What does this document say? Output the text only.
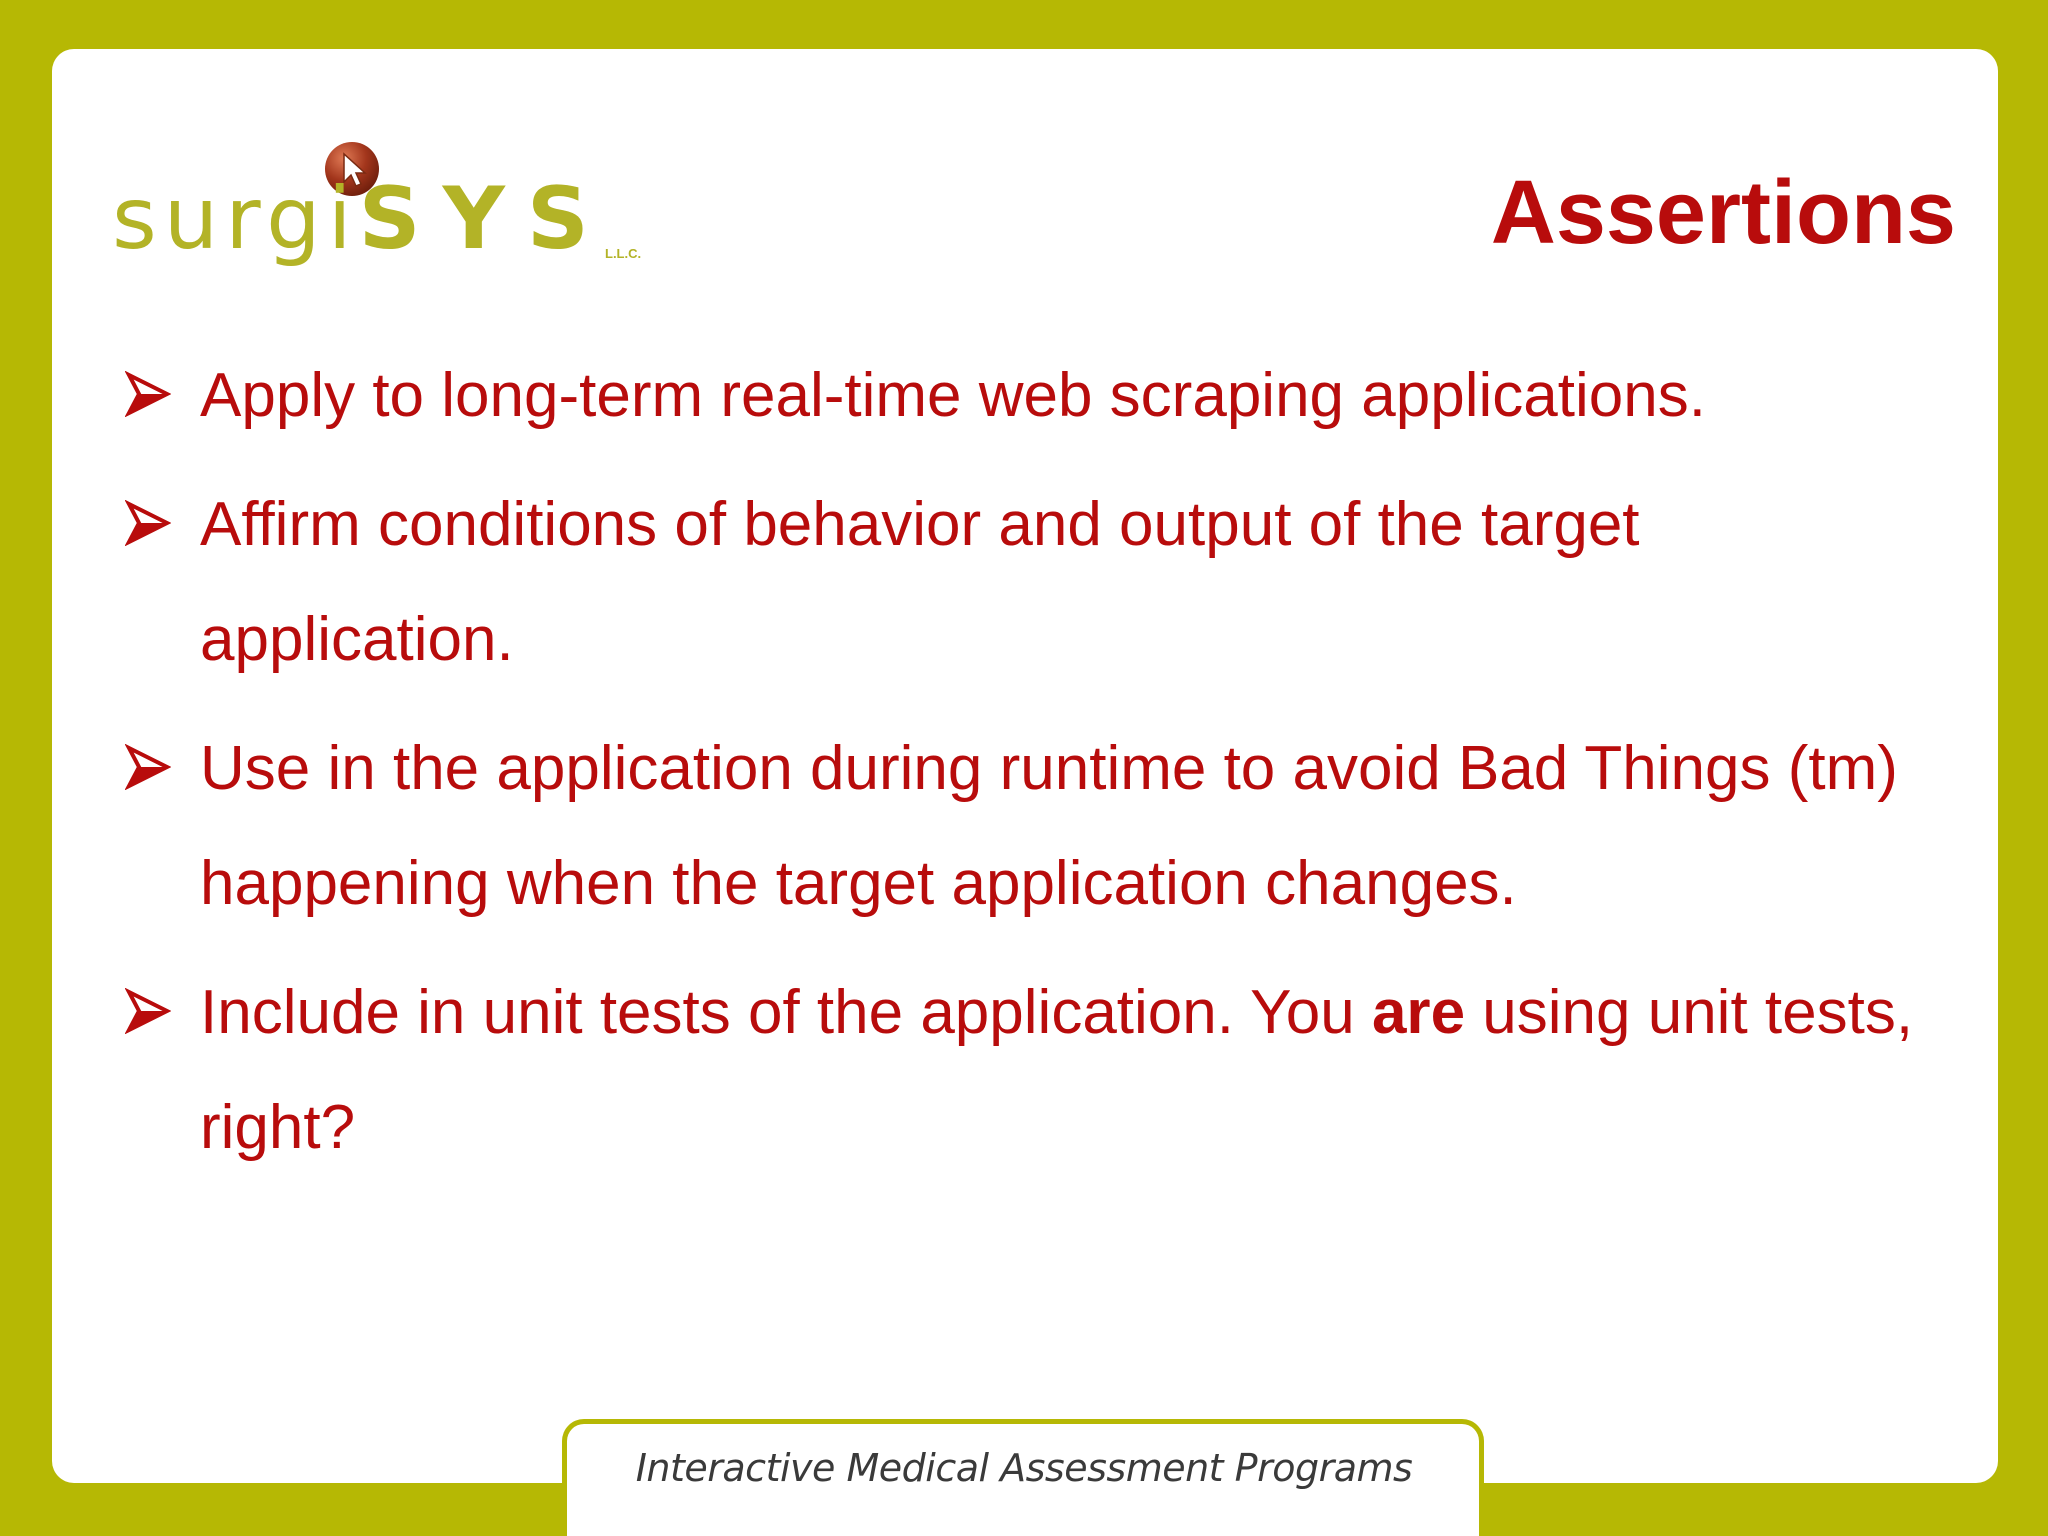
surgiSYS
L.L.C.	Assertions
Apply to long-term real-time web scraping applications.
Affirm conditions of behavior and output of the target application.
Use in the application during runtime to avoid Bad Things (tm) happening when the target application changes.
Include in unit tests of the application. You are using unit tests, right?
Interactive Medical Assessment Programs
